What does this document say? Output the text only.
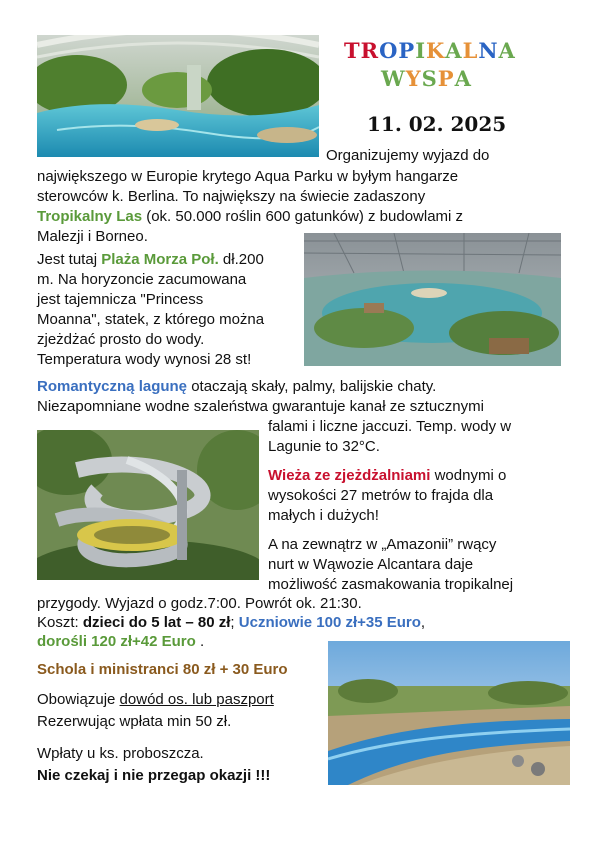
TROPIKALNA
WYSPA
11. 02. 2025
Organizujemy wyjazd do
największego w Europie krytego Aqua Parku w byłym hangarze
sterowców k. Berlina. To największy na świecie zadaszony
Tropikalny Las (ok. 50.000 roślin 600 gatunków) z budowlami z
Malezji i Borneo.
Jest tutaj Plaża Morza Poł. dł.200
m. Na horyzoncie zacumowana
jest tajemnicza "Princess
Moanna", statek, z którego można
zjeżdżać prosto do wody.
Temperatura wody wynosi 28 st!
Romantyczną lagunę otaczają skały, palmy, balijskie chaty.
Niezapomniane wodne szaleństwa gwarantuje kanał ze sztucznymi
falami i liczne jaccuzi. Temp. wody w
Lagunie to 32°C.
Wieża ze zjeżdżalniami wodnymi o
wysokości 27 metrów to frajda dla
małych i dużych!
A na zewnątrz w „Amazonii” rwący
nurt w Wąwozie Alcantara daje
możliwość zasmakowania tropikalnej
przygody. Wyjazd o godz.7:00. Powrót ok. 21:30.
Koszt: dzieci do 5 lat – 80 zł; Uczniowie 100 zł+35 Euro,
dorośli 120 zł+42 Euro .
Schola i ministranci 80 zł + 30 Euro
Obowiązuje dowód os. lub paszport
Rezerwując wpłata min 50 zł.
Wpłaty u ks. proboszcza.
Nie czekaj i nie przegap okazji !!!
